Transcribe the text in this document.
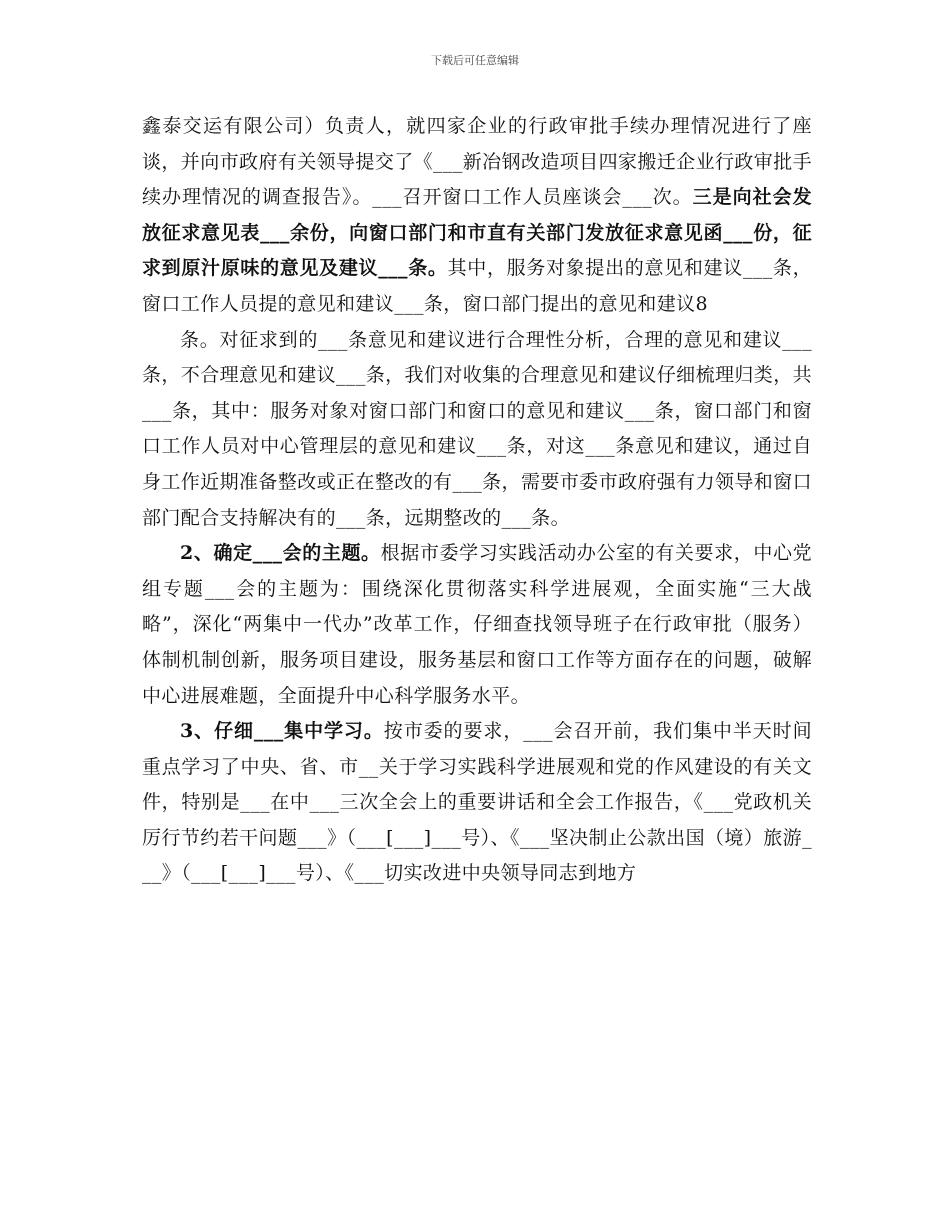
下载后可任意编辑

鑫泰交运有限公司）负责人，就四家企业的行政审批手续办理情况进行了座谈，并向市政府有关领导提交了《___新冶钢改造项目四家搬迁企业行政审批手续办理情况的调查报告》。___召开窗口工作人员座谈会___次。三是向社会发放征求意见表___余份，向窗口部门和市直有关部门发放征求意见函___份，征求到原汁原味的意见及建议___条。其中，服务对象提出的意见和建议___条，窗口工作人员提的意见和建议___条，窗口部门提出的意见和建议8

条。对征求到的___条意见和建议进行合理性分析，合理的意见和建议___条，不合理意见和建议___条，我们对收集的合理意见和建议仔细梳理归类，共___条，其中：服务对象对窗口部门和窗口的意见和建议___条，窗口部门和窗口工作人员对中心管理层的意见和建议___条，对这___条意见和建议，通过自身工作近期准备整改或正在整改的有___条，需要市委市政府强有力领导和窗口部门配合支持解决有的___条，远期整改的___条。

2、确定___会的主题。根据市委学习实践活动办公室的有关要求，中心党组专题___会的主题为：围绕深化贯彻落实科学进展观，全面实施“三大战略”，深化“两集中一代办”改革工作，仔细查找领导班子在行政审批（服务）体制机制创新，服务项目建设，服务基层和窗口工作等方面存在的问题，破解中心进展难题，全面提升中心科学服务水平。

3、仔细___集中学习。按市委的要求，___会召开前，我们集中半天时间重点学习了中央、省、市__关于学习实践科学进展观和党的作风建设的有关文件，特别是___在中___三次全会上的重要讲话和全会工作报告，《___党政机关厉行节约若干问题___》（___[___]___号）、《___坚决制止公款出国（境）旅游___》（___[___]___号）、《___切实改进中央领导同志到地方
